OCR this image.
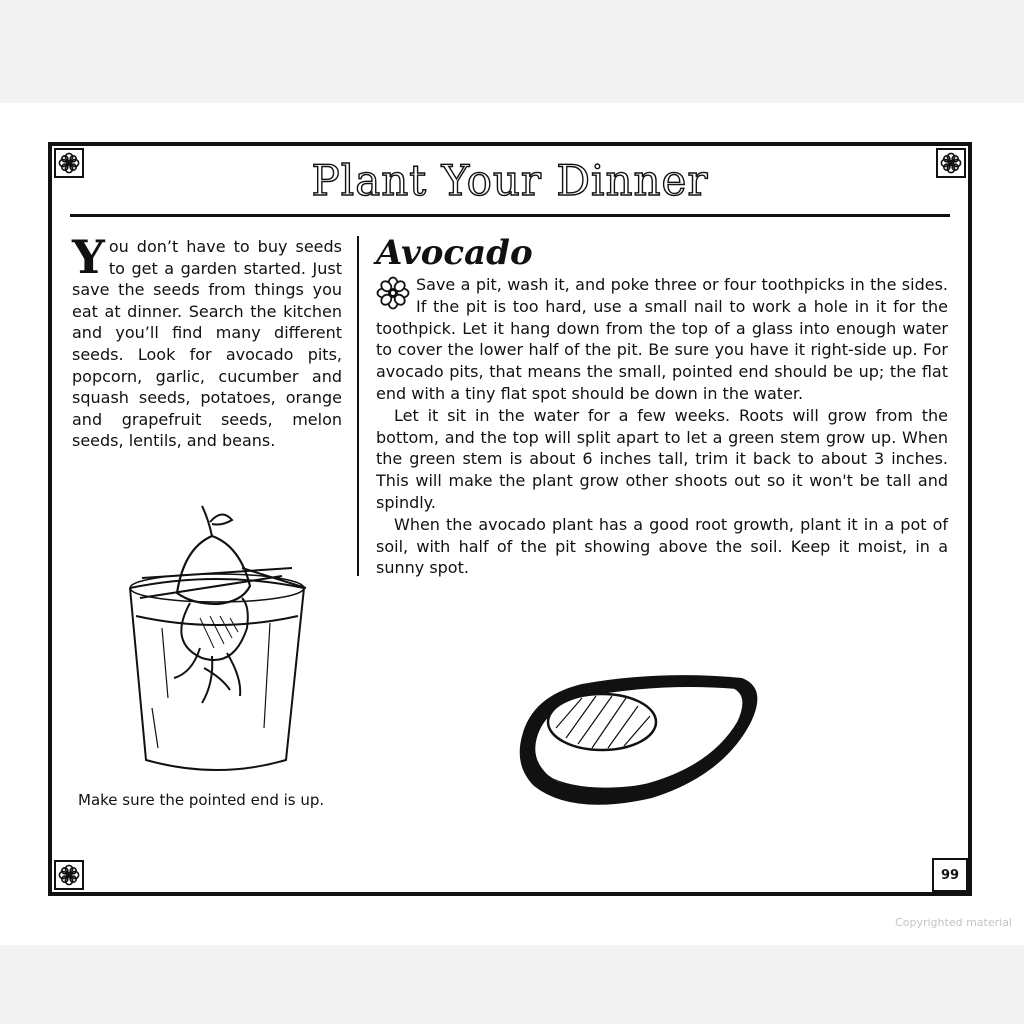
Plant Your Dinner
You don’t have to buy seeds to get a garden started. Just save the seeds from things you eat at dinner. Search the kitchen and you’ll find many different seeds. Look for avocado pits, popcorn, garlic, cucumber and squash seeds, potatoes, orange and grapefruit seeds, melon seeds, lentils, and beans.
Avocado

Save a pit, wash it, and poke three or four toothpicks in the sides. If the pit is too hard, use a small nail to work a hole in it for the toothpick. Let it hang down from the top of a glass into enough water to cover the lower half of the pit. Be sure you have it right-side up. For avocado pits, that means the small, pointed end should be up; the flat end with a tiny flat spot should be down in the water.

Let it sit in the water for a few weeks. Roots will grow from the bottom, and the top will split apart to let a green stem grow up. When the green stem is about 6 inches tall, trim it back to about 3 inches. This will make the plant grow other shoots out so it won't be tall and spindly.

When the avocado plant has a good root growth, plant it in a pot of soil, with half of the pit showing above the soil. Keep it moist, in a sunny spot.

Make sure the pointed end is up.
99
Copyrighted material
